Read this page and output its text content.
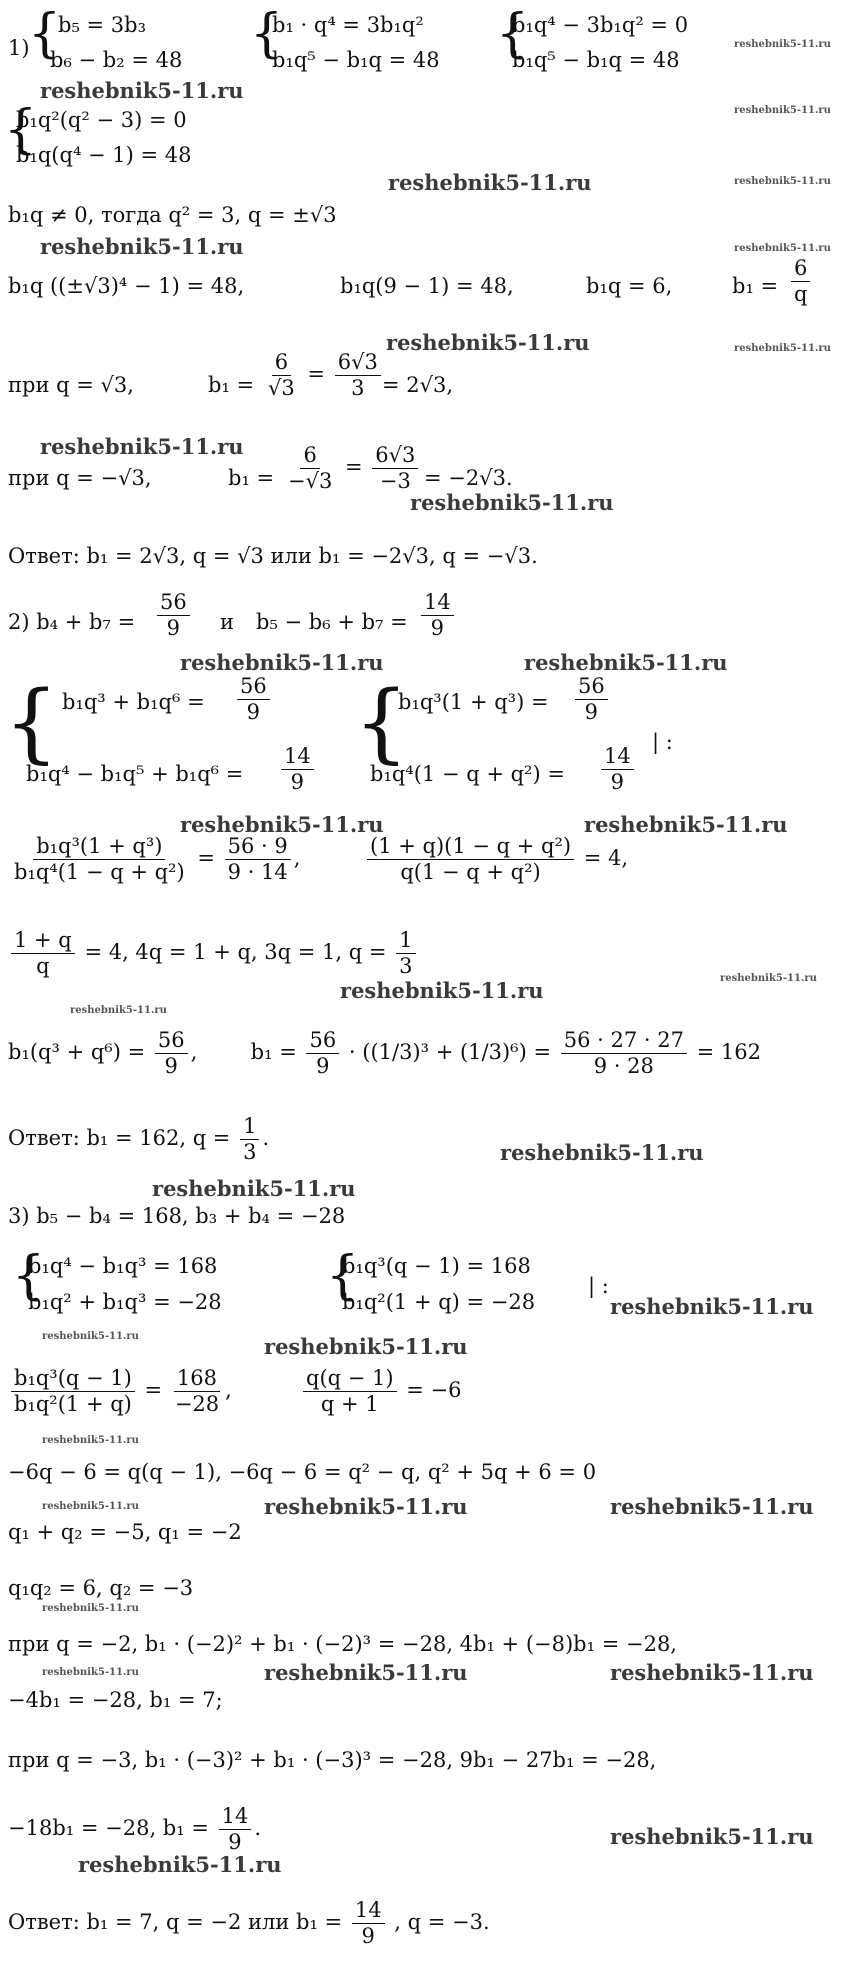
1)
{
b₅ = 3b₃
b₆ − b₂ = 48 {
b₁ · q⁴ = 3b₁q²
b₁q⁵ − b₁q = 48 {
b₁q⁴ − 3b₁q² = 0
b₁q⁵ − b₁q = 48
reshebnik5-11.ru
reshebnik5-11.ru
{
b₁q²(q² − 3) = 0
b₁q(q⁴ − 1) = 48
reshebnik5-11.ru
reshebnik5-11.ru	reshebnik5-11.ru
b₁q ≠ 0, тогда q² = 3, q = ±√3
reshebnik5-11.ru	reshebnik5-11.ru
b₁q ((±√3)⁴ − 1) = 48,	b₁q(9 − 1) = 48,	b₁q = 6,	$b_1 = \frac{6}{q}$
reshebnik5-11.ru	reshebnik5-11.ru
при q = √3,	$b_1 = \frac{6}{√3} = \frac{6√3}{3} = 2√3$,
reshebnik5-11.ru
при q = −√3,	$b_1 = \frac{6}{-√3} = \frac{6√3}{-3} = -2√3$.
reshebnik5-11.ru
Ответ: b₁ = 2√3, q = √3 или b₁ = −2√3, q = −√3.
2) $b_4 + b_7 = \frac{56}{9}$ и $b_5 - b_6 + b_7 = \frac{14}{9}$
reshebnik5-11.ru	reshebnik5-11.ru
{ $b_1q^3 + b_1q^6 = \frac{56}{9}$
$b_1q^4 - b_1q^5 + b_1q^6 = \frac{14}{9}$ {
$b_1q^3(1 + q^3) = \frac{56}{9}$
$b_1q^4(1 - q + q^2) = \frac{14}{9}$
| :
reshebnik5-11.ru	reshebnik5-11.ru
$\frac{\text{b₁q³(1 + q³)}}{\text{b₁q⁴(1 − q + q²)}} = \frac{56 \cdot 9}{9 \cdot 14}$ ,	$\frac{\text{(1 + q)(1 − q + q²)}}{\text{q(1 − q + q²)}} = 4$,
$\frac{1 + q}{q} = 4$, 4q = 1 + q, 3q = 1, $q = \frac{1}{3}$
reshebnik5-11.ru	reshebnik5-11.ru
reshebnik5-11.ru
$b_1(q^3 + q^6) = \frac{56}{9}$ ,  $b_1 = \frac{56}{9} \cdot ((1/3)^3 + (1/3)^6) = \frac{56 \cdot 27 \cdot 27}{9 \cdot 28} = 162$
Ответ: b₁ = 162, $q = \frac{1}{3}$ .
reshebnik5-11.ru
reshebnik5-11.ru
3) b₅ − b₄ = 168, b₃ + b₄ = −28
{
b₁q⁴ − b₁q³ = 168
b₁q² + b₁q³ = −28 {
b₁q³(q − 1) = 168
b₁q²(1 + q) = −28
| :
reshebnik5-11.ru
reshebnik5-11.ru	reshebnik5-11.ru
$\frac{\text{b₁q³(q − 1)}}{\text{b₁q²(1 + q)}} = \frac{168}{-28}$ ,	$\frac{q(q - 1)}{q + 1} = -6$
reshebnik5-11.ru
−6q − 6 = q(q − 1), −6q − 6 = q² − q, q² + 5q + 6 = 0
reshebnik5-11.ru	reshebnik5-11.ru	reshebnik5-11.ru
q₁ + q₂ = −5, q₁ = −2
q₁q₂ = 6, q₂ = −3
reshebnik5-11.ru
при q = −2, b₁ · (−2)² + b₁ · (−2)³ = −28, 4b₁ + (−8)b₁ = −28,
reshebnik5-11.ru	reshebnik5-11.ru	reshebnik5-11.ru
−4b₁ = −28, b₁ = 7;
при q = −3, b₁ · (−3)² + b₁ · (−3)³ = −28, 9b₁ − 27b₁ = −28,
−18b₁ = −28, $b_1 = \frac{14}{9}$ .	reshebnik5-11.ru
reshebnik5-11.ru
Ответ: b₁ = 7, q = −2 или $b_1 = \frac{14}{9}$ , q = −3.
